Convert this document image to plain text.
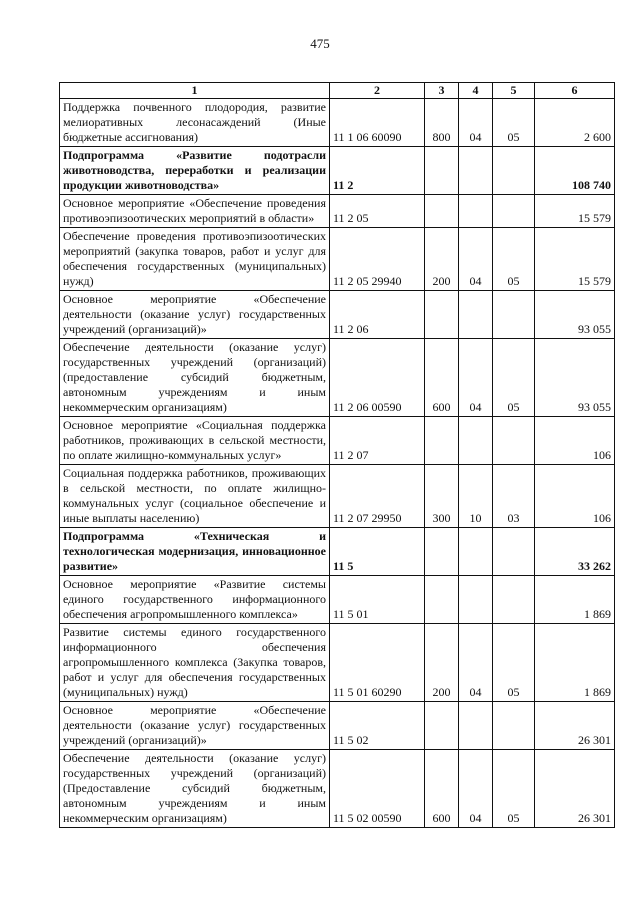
475
1	2	3	4	5	6
Поддержка почвенного плодородия, развитие мелиоративных лесонасаждений (Иные бюджетные ассигнования)	11 1 06 60090	800	04	05	2 600
Подпрограмма «Развитие подотрасли животноводства, переработки и реализации продукции животноводства»	11 2				108 740
Основное мероприятие «Обеспечение проведения противоэпизоотических мероприятий в области»	11 2 05				15 579
Обеспечение проведения противоэпизоотических мероприятий (закупка товаров, работ и услуг для обеспечения государственных (муниципальных) нужд)	11 2 05 29940	200	04	05	15 579
Основное мероприятие «Обеспечение деятельности (оказание услуг) государственных учреждений (организаций)»	11 2 06				93 055
Обеспечение деятельности (оказание услуг) государственных учреждений (организаций) (предоставление субсидий бюджетным, автономным учреждениям и иным некоммерческим организациям)	11 2 06 00590	600	04	05	93 055
Основное мероприятие «Социальная поддержка работников, проживающих в сельской местности, по оплате жилищно-коммунальных услуг»	11 2 07				106
Социальная поддержка работников, проживающих в сельской местности, по оплате жилищно-коммунальных услуг (социальное обеспечение и иные выплаты населению)	11 2 07 29950	300	10	03	106
Подпрограмма «Техническая и технологическая модернизация, инновационное развитие»	11 5				33 262
Основное мероприятие «Развитие системы единого государственного информационного обеспечения агропромышленного комплекса»	11 5 01				1 869
Развитие системы единого государственного информационного обеспечения агропромышленного комплекса (Закупка товаров, работ и услуг для обеспечения государственных (муниципальных) нужд)	11 5 01 60290	200	04	05	1 869
Основное мероприятие «Обеспечение деятельности (оказание услуг) государственных учреждений (организаций)»	11 5 02				26 301
Обеспечение деятельности (оказание услуг) государственных учреждений (организаций) (Предоставление субсидий бюджетным, автономным учреждениям и иным некоммерческим организациям)	11 5 02 00590	600	04	05	26 301
